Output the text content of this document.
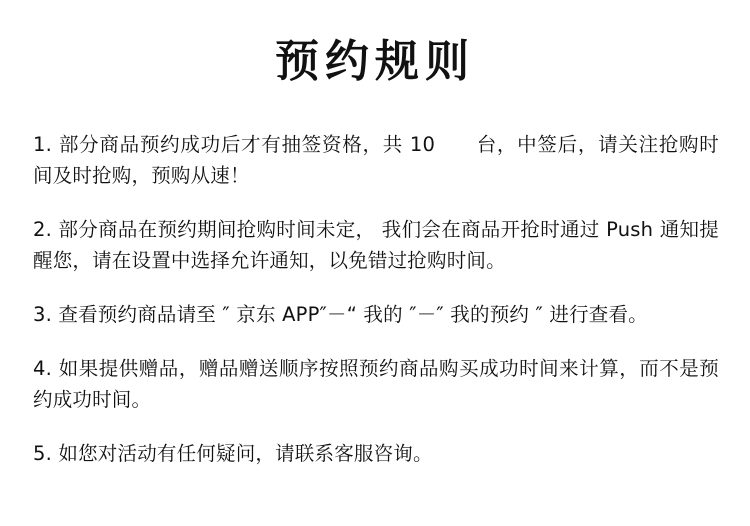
预约规则

1. 部分商品预约成功后才有抽签资格，共 10      台，中签后，请关注抢购时间及时抢购，预购从速！

2. 部分商品在预约期间抢购时间未定， 我们会在商品开抢时通过 Push 通知提醒您，请在设置中选择允许通知，以免错过抢购时间。

3. 查看预约商品请至 ″ 京东 APP″－“ 我的 ″－″ 我的预约 ″ 进行查看。

4. 如果提供赠品，赠品赠送顺序按照预约商品购买成功时间来计算，而不是预约成功时间。

5. 如您对活动有任何疑问，请联系客服咨询。
